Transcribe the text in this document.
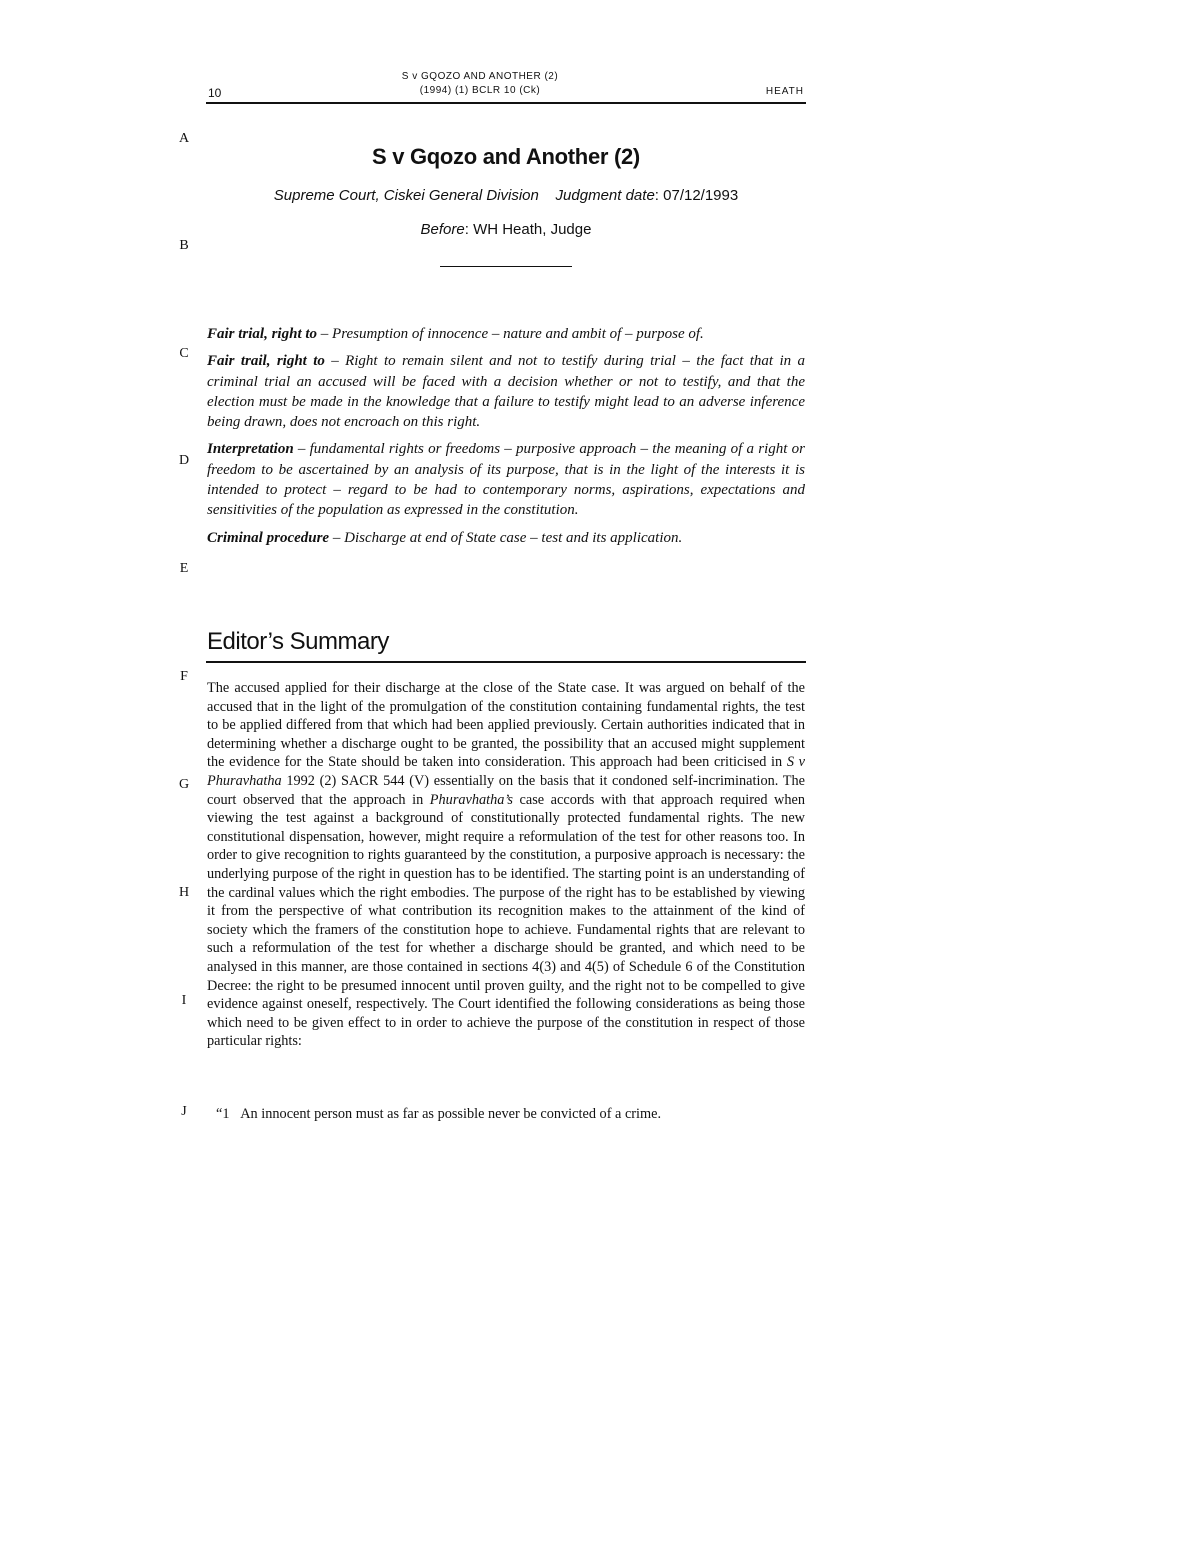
10
S v GQOZO AND ANOTHER (2)
(1994) (1) BCLR 10 (Ck)	HEATH
A
B
C
D
E
F
G
H
I
J
S v Gqozo and Another (2)
Supreme Court, Ciskei General Division Judgment date: 07/12/1993
Before: WH Heath, Judge

Fair trial, right to – Presumption of innocence – nature and ambit of – purpose of.

Fair trail, right to – Right to remain silent and not to testify during trial – the fact that in a criminal trial an accused will be faced with a decision whether or not to testify, and that the election must be made in the knowledge that a failure to testify might lead to an adverse inference being drawn, does not encroach on this right.

Interpretation – fundamental rights or freedoms – purposive approach – the meaning of a right or freedom to be ascertained by an analysis of its purpose, that is in the light of the interests it is intended to protect – regard to be had to contemporary norms, aspirations, expectations and sensitivities of the population as expressed in the constitution.

Criminal procedure – Discharge at end of State case – test and its application.

Editor’s Summary

The accused applied for their discharge at the close of the State case. It was argued on behalf of the accused that in the light of the promulgation of the constitution containing fundamental rights, the test to be applied differed from that which had been applied previously. Certain authorities indicated that in determining whether a discharge ought to be granted, the possibility that an accused might supplement the evidence for the State should be taken into consideration. This approach had been criticised in S v Phuravhatha 1992 (2) SACR 544 (V) essentially on the basis that it condoned self-incrimination. The court observed that the approach in Phuravhatha’s case accords with that approach required when viewing the test against a background of constitutionally protected fundamental rights. The new constitutional dispensation, however, might require a reformulation of the test for other reasons too. In order to give recognition to rights guaranteed by the constitution, a purposive approach is necessary: the underlying purpose of the right in question has to be identified. The starting point is an understanding of the cardinal values which the right embodies. The purpose of the right has to be established by viewing it from the perspective of what contribution its recognition makes to the attainment of the kind of society which the framers of the constitution hope to achieve. Fundamental rights that are relevant to such a reformulation of the test for whether a discharge should be granted, and which need to be analysed in this manner, are those contained in sections 4(3) and 4(5) of Schedule 6 of the Constitution Decree: the right to be presumed innocent until proven guilty, and the right not to be compelled to give evidence against oneself, respectively. The Court identified the following considerations as being those which need to be given effect to in order to achieve the purpose of the constitution in respect of those particular rights:

“1 An innocent person must as far as possible never be convicted of a crime.
